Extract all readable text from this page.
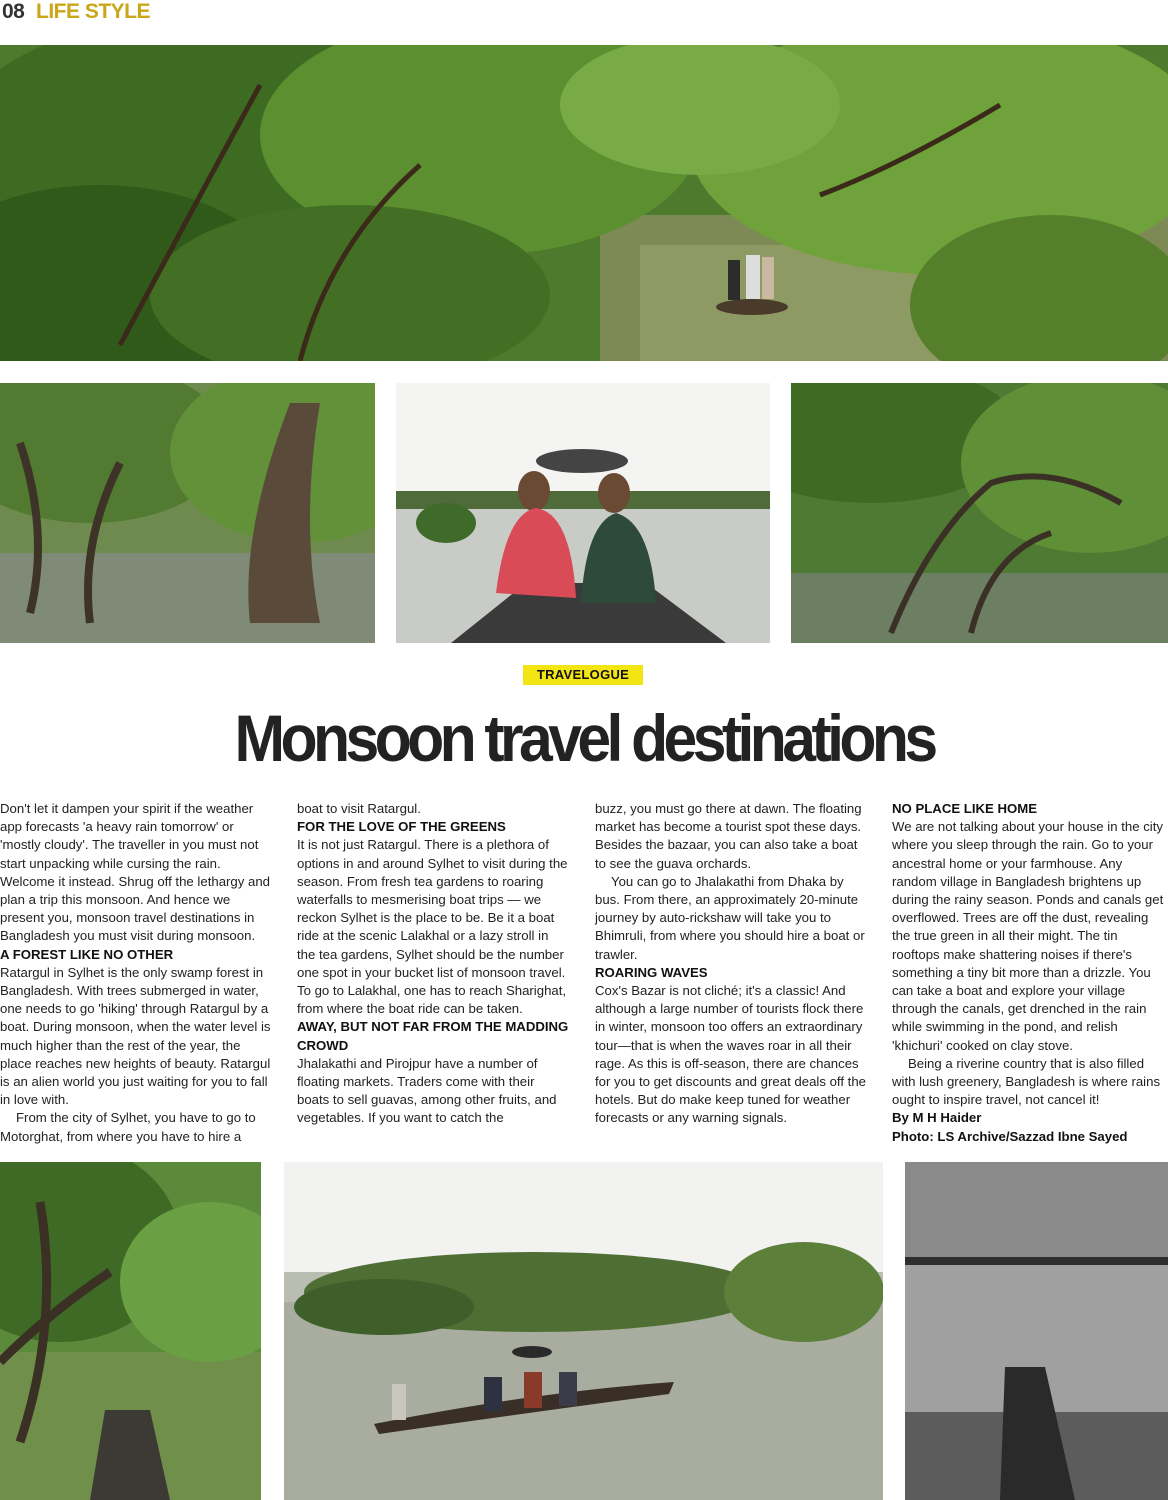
08 LIFE STYLE
TRAVELOGUE
Monsoon travel destinations

Don't let it dampen your spirit if the weather app forecasts 'a heavy rain tomorrow' or 'mostly cloudy'. The traveller in you must not start unpacking while cursing the rain. Welcome it instead. Shrug off the lethargy and plan a trip this monsoon. And hence we present you, monsoon travel destinations in Bangladesh you must visit during monsoon.

A FOREST LIKE NO OTHER

Ratargul in Sylhet is the only swamp forest in Bangladesh. With trees submerged in water, one needs to go 'hiking' through Ratargul by a boat. During monsoon, when the water level is much higher than the rest of the year, the place reaches new heights of beauty. Ratargul is an alien world you just waiting for you to fall in love with.

From the city of Sylhet, you have to go to Motorghat, from where you have to hire a

boat to visit Ratargul.

FOR THE LOVE OF THE GREENS

It is not just Ratargul. There is a plethora of options in and around Sylhet to visit during the season. From fresh tea gardens to roaring waterfalls to mesmerising boat trips — we reckon Sylhet is the place to be. Be it a boat ride at the scenic Lalakhal or a lazy stroll in the tea gardens, Sylhet should be the number one spot in your bucket list of monsoon travel. To go to Lalakhal, one has to reach Sharighat, from where the boat ride can be taken.

AWAY, BUT NOT FAR FROM THE MADDING CROWD

Jhalakathi and Pirojpur have a number of floating markets. Traders come with their boats to sell guavas, among other fruits, and vegetables. If you want to catch the

buzz, you must go there at dawn. The floating market has become a tourist spot these days. Besides the bazaar, you can also take a boat to see the guava orchards.

You can go to Jhalakathi from Dhaka by bus. From there, an approximately 20-minute journey by auto-rickshaw will take you to Bhimruli, from where you should hire a boat or trawler.

ROARING WAVES

Cox's Bazar is not cliché; it's a classic! And although a large number of tourists flock there in winter, monsoon too offers an extraordinary tour—that is when the waves roar in all their rage. As this is off-season, there are chances for you to get discounts and great deals off the hotels. But do make keep tuned for weather forecasts or any warning signals.

NO PLACE LIKE HOME

We are not talking about your house in the city where you sleep through the rain. Go to your ancestral home or your farmhouse. Any random village in Bangladesh brightens up during the rainy season. Ponds and canals get overflowed. Trees are off the dust, revealing the true green in all their might. The tin rooftops make shattering noises if there's something a tiny bit more than a drizzle. You can take a boat and explore your village through the canals, get drenched in the rain while swimming in the pond, and relish 'khichuri' cooked on clay stove.

Being a riverine country that is also filled with lush greenery, Bangladesh is where rains ought to inspire travel, not cancel it!

By M H Haider

Photo: LS Archive/Sazzad Ibne Sayed
